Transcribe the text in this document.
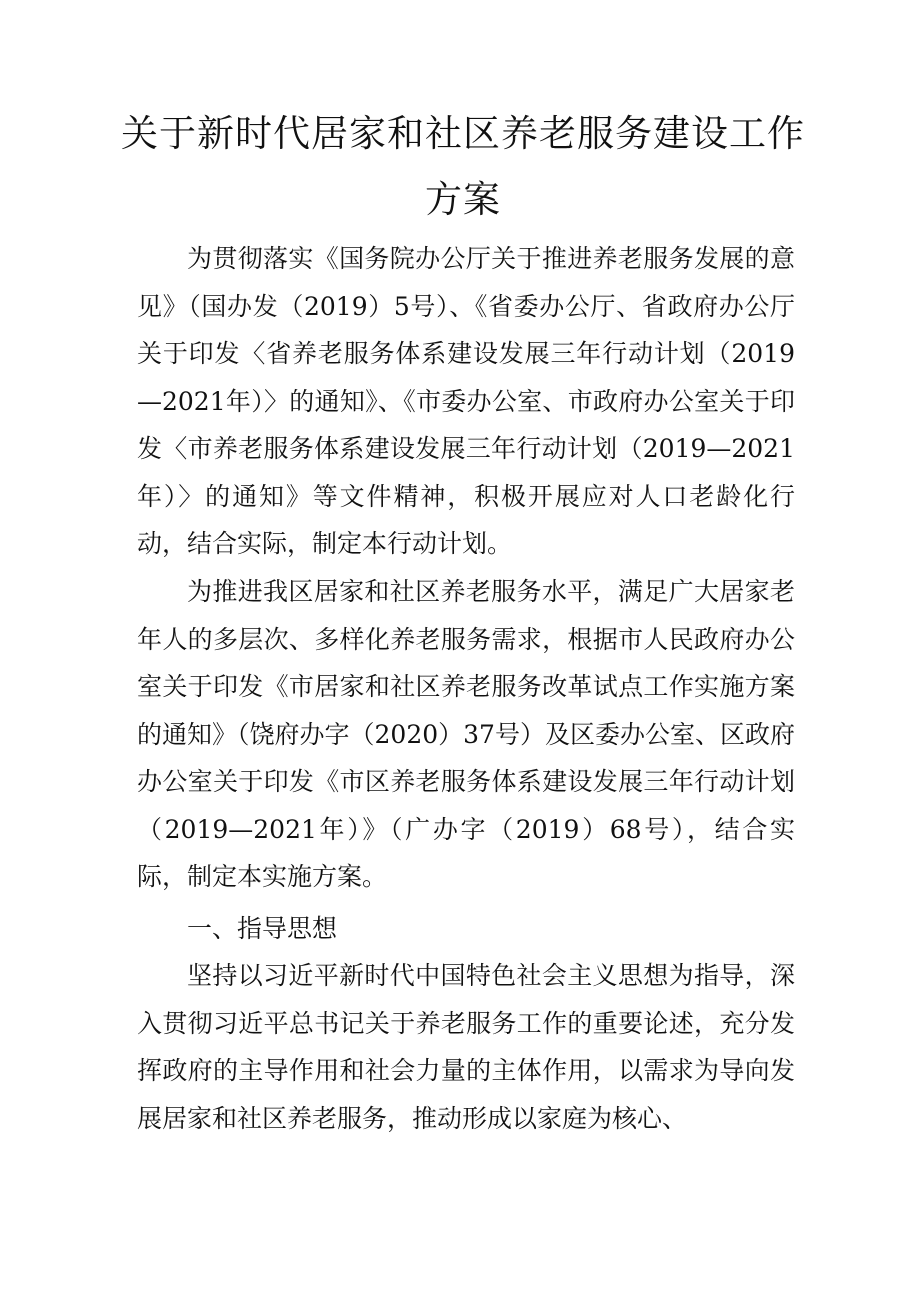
关于新时代居家和社区养老服务建设工作
方案

为贯彻落实《国务院办公厅关于推进养老服务发展的意见》（国办发（2019）5号）、《省委办公厅、省政府办公厅关于印发〈省养老服务体系建设发展三年行动计划（2019—2021年）〉的通知》、《市委办公室、市政府办公室关于印发〈市养老服务体系建设发展三年行动计划（2019—2021年）〉的通知》等文件精神，积极开展应对人口老龄化行动，结合实际，制定本行动计划。

为推进我区居家和社区养老服务水平，满足广大居家老年人的多层次、多样化养老服务需求，根据市人民政府办公室关于印发《市居家和社区养老服务改革试点工作实施方案的通知》（饶府办字（2020）37号）及区委办公室、区政府办公室关于印发《市区养老服务体系建设发展三年行动计划（2019—2021年）》（广办字（2019）68号），结合实际，制定本实施方案。

一、指导思想

坚持以习近平新时代中国特色社会主义思想为指导，深入贯彻习近平总书记关于养老服务工作的重要论述，充分发挥政府的主导作用和社会力量的主体作用，以需求为导向发展居家和社区养老服务，推动形成以家庭为核心、
